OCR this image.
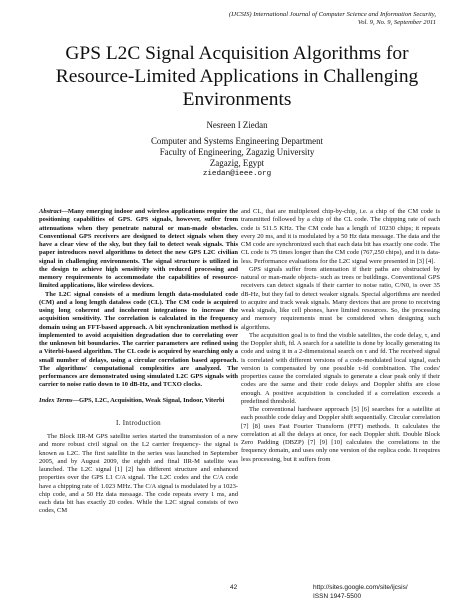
(IJCSIS) International Journal of Computer Science and Information Security,
Vol. 9, No. 9, September 2011
GPS L2C Signal Acquisition Algorithms for
Resource-Limited Applications in Challenging
Environments
Nesreen I Ziedan
Computer and Systems Engineering Department
Faculty of Engineering, Zagazig University
Zagazig, Egypt
ziedan@ieee.org

Abstract—Many emerging indoor and wireless applications require the positioning capabilities of GPS. GPS signals, however, suffer from attenuations when they penetrate natural or man-made obstacles. Conventional GPS receivers are designed to detect signals when they have a clear view of the sky, but they fail to detect weak signals. This paper introduces novel algorithms to detect the new GPS L2C civilian signal in challenging environments. The signal structure is utilized in the design to achieve high sensitivity with reduced processing and memory requirements to accommodate the capabilities of resource-limited applications, like wireless devices.

The L2C signal consists of a medium length data-modulated code (CM) and a long length dataless code (CL). The CM code is acquired using long coherent and incoherent integrations to increase the acquisition sensitivity. The correlation is calculated in the frequency domain using an FFT-based approach. A bit synchronization method is implemented to avoid acquisition degradation due to correlating over the unknown bit boundaries. The carrier parameters are refined using a Viterbi-based algorithm. The CL code is acquired by searching only a small number of delays, using a circular correlation based approach. The algorithms' computational complexities are analyzed. The performances are demonstrated using simulated L2C GPS signals with carrier to noise ratio down to 10 dB-Hz, and TCXO clocks.

Index Terms—GPS, L2C, Acquisition, Weak Signal, Indoor, Viterbi
I. Introduction

The Block IIR-M GPS satellite series started the transmission of a new and more robust civil signal on the L2 carrier frequency- the signal is known as L2C. The first satellite in the series was launched in September 2005, and by August 2009, the eighth and final IIR-M satellite was launched. The L2C signal [1] [2] has different structure and enhanced properties over the GPS L1 C/A signal. The L2C codes and the C/A code have a chipping rate of 1.023 MHz. The C/A signal is modulated by a 1023-chip code, and a 50 Hz data message. The code repeats every 1 ms, and each data bit has exactly 20 codes. While the L2C signal consists of two codes, CM

and CL, that are multiplexed chip-by-chip, i.e. a chip of the CM code is transmitted followed by a chip of the CL code. The chipping rate of each code is 511.5 KHz. The CM code has a length of 10230 chips; it repeats every 20 ms, and it is modulated by a 50 Hz data message. The data and the CM code are synchronized such that each data bit has exactly one code. The CL code is 75 times longer than the CM code (767,250 chips), and it is data-less. Performance evaluations for the L2C signal were presented in [3] [4].

GPS signals suffer from attenuation if their paths are obstructed by natural or man-made objects- such as trees or buildings. Conventional GPS receivers can detect signals if their carrier to noise ratio, C/N0, is over 35 dB-Hz, but they fail to detect weaker signals. Special algorithms are needed to acquire and track weak signals. Many devices that are prone to receiving weak signals, like cell phones, have limited resources. So, the processing and memory requirements must be considered when designing such algorithms.

The acquisition goal is to find the visible satellites, the code delay, τ, and the Doppler shift, fd. A search for a satellite is done by locally generating its code and using it in a 2-dimensional search on τ and fd. The received signal is correlated with different versions of a code-modulated local signal, each version is compensated by one possible τ-fd combination. The codes' properties cause the correlated signals to generate a clear peak only if their codes are the same and their code delays and Doppler shifts are close enough. A positive acquisition is concluded if a correlation exceeds a predefined threshold.

The conventional hardware approach [5] [6] searches for a satellite at each possible code delay and Doppler shift sequentially. Circular correlation [7] [8] uses Fast Fourier Transform (FFT) methods. It calculates the correlation at all the delays at once, for each Doppler shift. Double Block Zero Padding (DBZP) [7] [9] [10] calculates the correlations in the frequency domain, and uses only one version of the replica code. It requires less processing, but it suffers from

42	http://sites.google.com/site/ijcsis/
ISSN 1947-5500
